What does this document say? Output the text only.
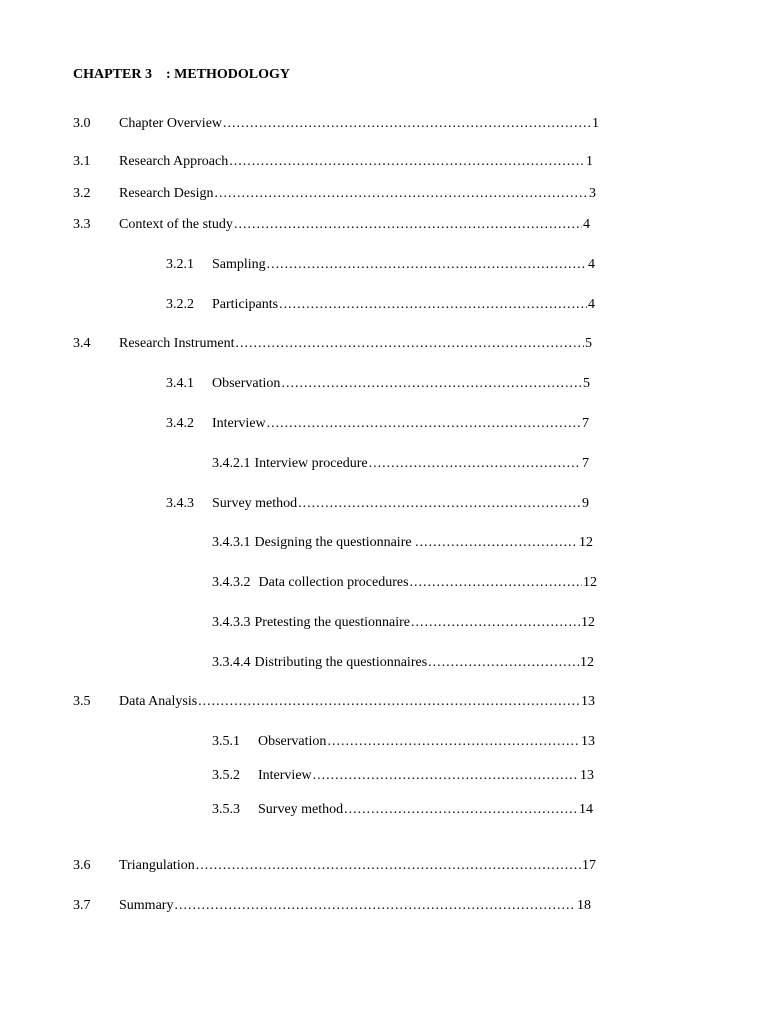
CHAPTER 3 : METHODOLOGY
3.0	Chapter Overview .....	1
3.1	Research Approach .....	1
3.2	Research Design .....	3
3.3	Context of the study .....	4
3.2.1	Sampling .....	4
3.2.2	Participants .....	4
3.4	Research Instrument .....	5
3.4.1	Observation .....	5
3.4.2	Interview .....	7
3.4.2.1 Interview procedure .....	7
3.4.3	Survey method .....	9
3.4.3.1 Designing the questionnaire . .....	12
3.4.3.2 Data collection procedures .....	12
3.4.3.3 Pretesting the questionnaire .....	12
3.3.4.4 Distributing the questionnaires .....	12
3.5	Data Analysis .....	13
3.5.1	Observation .....	13
3.5.2	Interview .....	13
3.5.3	Survey method .....	14
3.6	Triangulation .....	17
3.7	Summary .....	18
